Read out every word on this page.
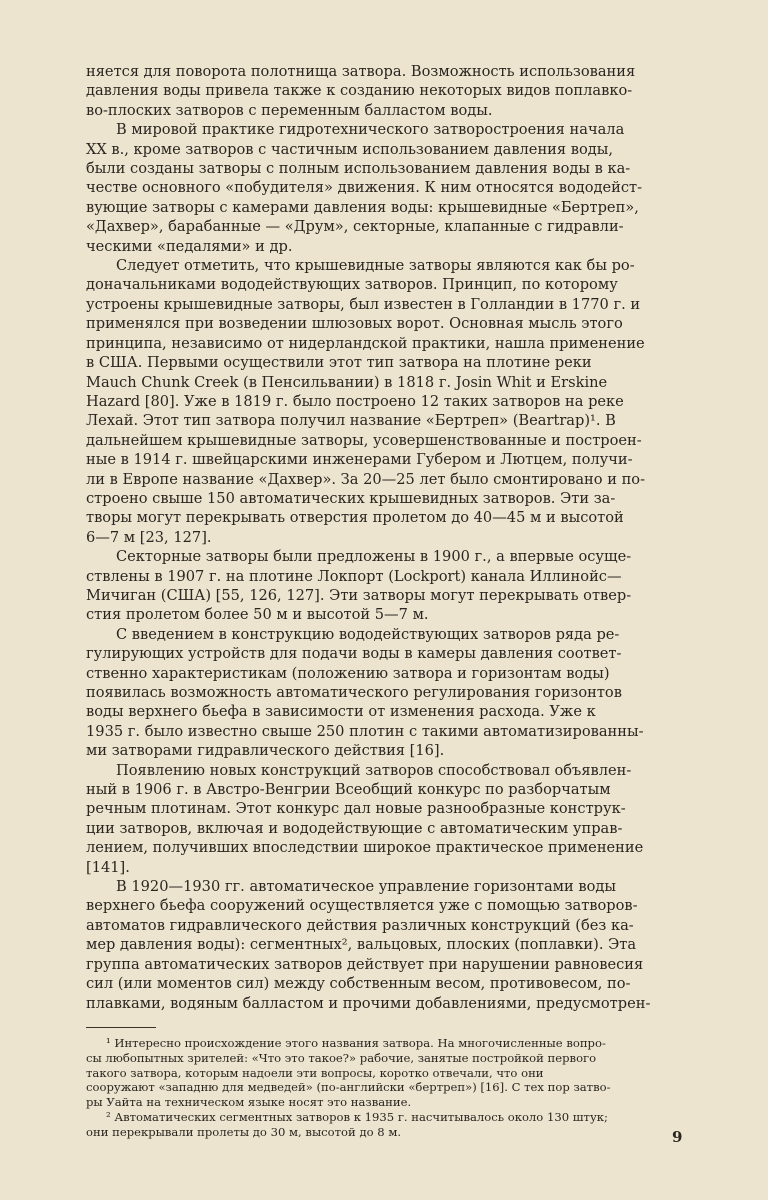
няется для поворота полотнища затвора. Возможность использования
давления воды привела также к созданию некоторых видов поплавко-
во-плоских затворов с переменным балластом воды.

В мировой практике гидротехнического затворостроения начала
XX в., кроме затворов с частичным использованием давления воды,
были созданы затворы с полным использованием давления воды в ка-
честве основного «побудителя» движения. К ним относятся вододейст-
вующие затворы с камерами давления воды: крышевидные «Бертреп»,
«Дахвер», барабанные — «Друм», секторные, клапанные с гидравли-
ческими «педалями» и др.

Следует отметить, что крышевидные затворы являются как бы ро-
доначальниками вододействующих затворов. Принцип, по которому
устроены крышевидные затворы, был известен в Голландии в 1770 г. и
применялся при возведении шлюзовых ворот. Основная мысль этого
принципа, независимо от нидерландской практики, нашла применение
в США. Первыми осуществили этот тип затвора на плотине реки
Mauch Chunk Creek (в Пенсильвании) в 1818 г. Josin Whit и Erskine
Hazard [80]. Уже в 1819 г. было построено 12 таких затворов на реке
Лехай. Этот тип затвора получил название «Бертреп» (Beartrap)¹. В
дальнейшем крышевидные затворы, усовершенствованные и построен-
ные в 1914 г. швейцарскими инженерами Губером и Лютцем, получи-
ли в Европе название «Дахвер». За 20—25 лет было смонтировано и по-
строено свыше 150 автоматических крышевидных затворов. Эти за-
творы могут перекрывать отверстия пролетом до 40—45 м и высотой
6—7 м [23, 127].

Секторные затворы были предложены в 1900 г., а впервые осуще-
ствлены в 1907 г. на плотине Локпорт (Lockport) канала Иллинойс—
Мичиган (США) [55, 126, 127]. Эти затворы могут перекрывать отвер-
стия пролетом более 50 м и высотой 5—7 м.

С введением в конструкцию вододействующих затворов ряда ре-
гулирующих устройств для подачи воды в камеры давления соответ-
ственно характеристикам (положению затвора и горизонтам воды)
появилась возможность автоматического регулирования горизонтов
воды верхнего бьефа в зависимости от изменения расхода. Уже к
1935 г. было известно свыше 250 плотин с такими автоматизированны-
ми затворами гидравлического действия [16].

Появлению новых конструкций затворов способствовал объявлен-
ный в 1906 г. в Австро-Венгрии Всеобщий конкурс по разборчатым
речным плотинам. Этот конкурс дал новые разнообразные конструк-
ции затворов, включая и вододействующие с автоматическим управ-
лением, получивших впоследствии широкое практическое применение
[141].

В 1920—1930 гг. автоматическое управление горизонтами воды
верхнего бьефа сооружений осуществляется уже с помощью затворов-
автоматов гидравлического действия различных конструкций (без ка-
мер давления воды): сегментных², вальцовых, плоских (поплавки). Эта
группа автоматических затворов действует при нарушении равновесия
сил (или моментов сил) между собственным весом, противовесом, по-
плавками, водяным балластом и прочими добавлениями, предусмотрен-

¹ Интересно происхождение этого названия затвора. На многочисленные вопро-
сы любопытных зрителей: «Что это такое?» рабочие, занятые постройкой первого
такого затвора, которым надоели эти вопросы, коротко отвечали, что они
сооружают «западню для медведей» (по-английски «бертреп») [16]. С тех пор затво-
ры Уайта на техническом языке носят это название.

² Автоматических сегментных затворов к 1935 г. насчитывалось около 130 штук;
они перекрывали пролеты до 30 м, высотой до 8 м.	9
